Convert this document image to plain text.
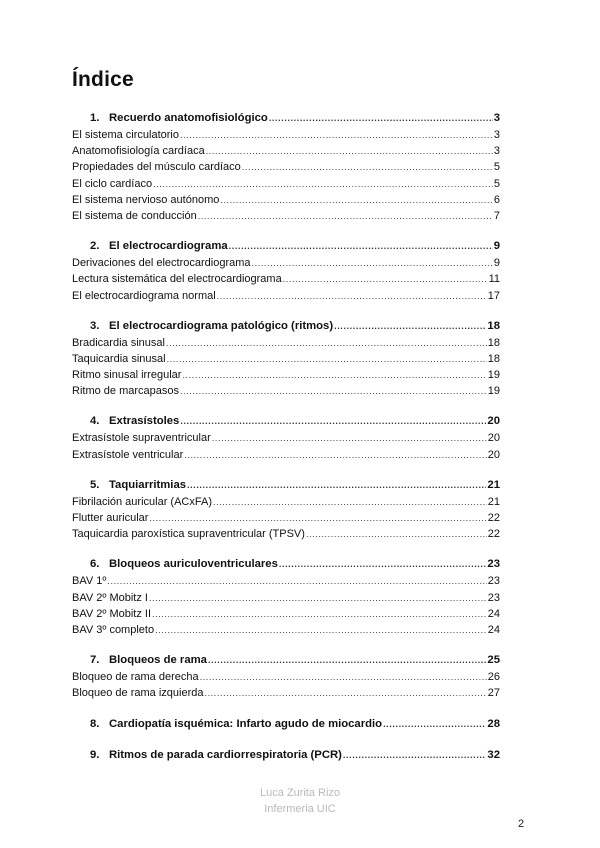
Índice
1. Recuerdo anatomofisiológico .....	3
El sistema circulatorio .....	3
Anatomofisiología cardíaca .....	3
Propiedades del músculo cardíaco .....	5
El ciclo cardíaco .....	5
El sistema nervioso autónomo .....	6
El sistema de conducción .....	7
2. El electrocardiograma .....	9
Derivaciones del electrocardiograma .....	9
Lectura sistemática del electrocardiograma .....	11
El electrocardiograma normal .....	17
3. El electrocardiograma patológico (ritmos) .....	18
Bradicardia sinusal .....	18
Taquicardia sinusal .....	18
Ritmo sinusal irregular .....	19
Ritmo de marcapasos .....	19
4. Extrasístoles .....	20
Extrasístole supraventricular .....	20
Extrasístole ventricular .....	20
5. Taquiarritmias .....	21
Fibrilación auricular (ACxFA) .....	21
Flutter auricular .....	22
Taquicardia paroxística supraventricular (TPSV) .....	22
6. Bloqueos auriculoventriculares .....	23
BAV 1º .....	23
BAV 2º Mobitz I .....	23
BAV 2º Mobitz II .....	24
BAV 3º completo .....	24
7. Bloqueos de rama .....	25
Bloqueo de rama derecha .....	26
Bloqueo de rama izquierda .....	27
8. Cardiopatía isquémica: Infarto agudo de miocardio .....	28
9. Ritmos de parada cardiorrespiratoria (PCR) .....	32
Luca Zurita Rizo
Infermeria UIC
2
